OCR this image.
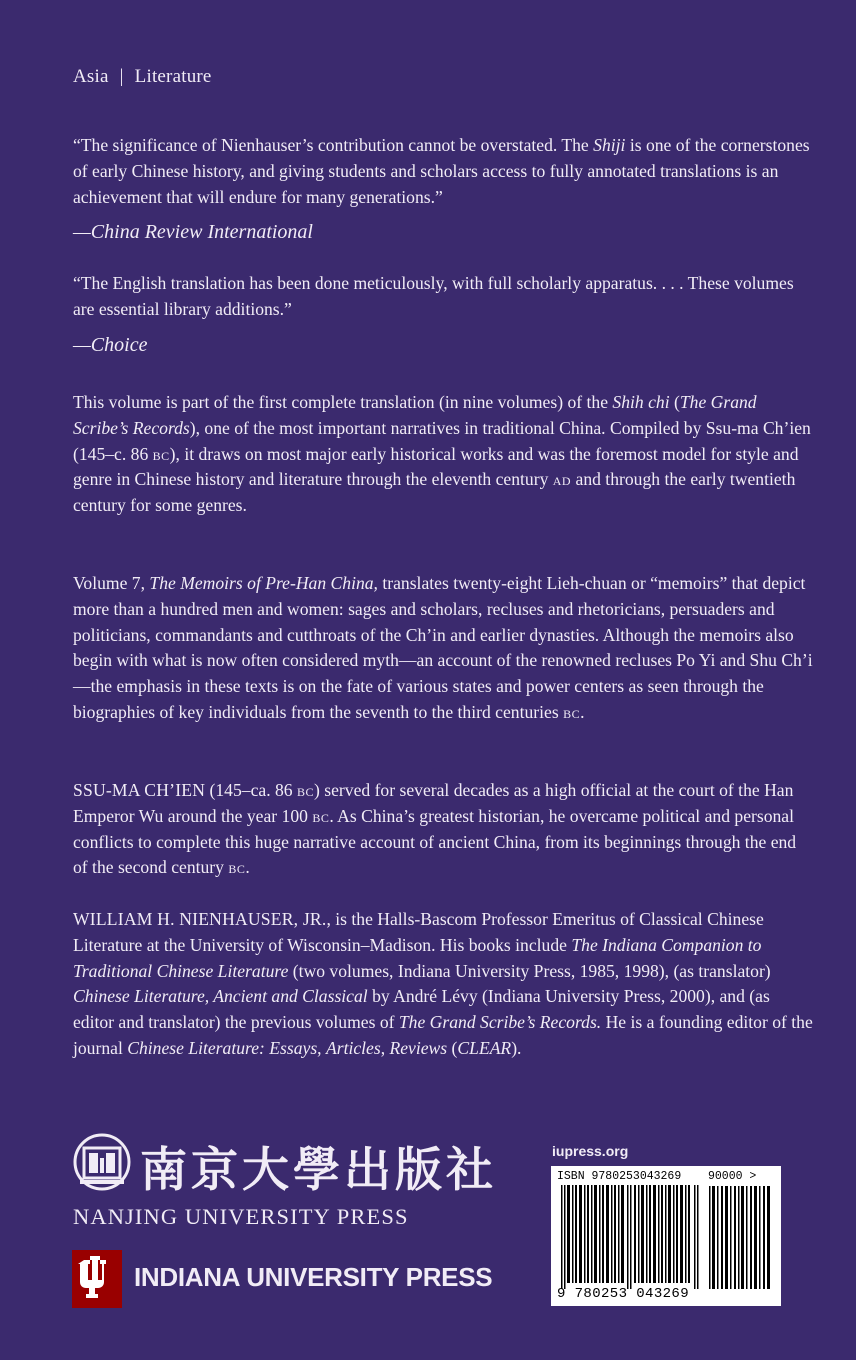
Asia | Literature

“The significance of Nienhauser’s contribution cannot be overstated. The Shiji is one of the cornerstones of early Chinese history, and giving students and scholars access to fully annotated translations is an achievement that will endure for many generations.”

—China Review International

“The English translation has been done meticulously, with full scholarly apparatus. . . . These volumes are essential library additions.”

—Choice

This volume is part of the first complete translation (in nine volumes) of the Shih chi (The Grand Scribe’s Records), one of the most important narratives in traditional China. Compiled by Ssu-ma Ch’ien (145–c. 86 bc), it draws on most major early historical works and was the foremost model for style and genre in Chinese history and literature through the eleventh century ad and through the early twentieth century for some genres.

Volume 7, The Memoirs of Pre-Han China, translates twenty-eight Lieh-chuan or “memoirs” that depict more than a hundred men and women: sages and scholars, recluses and rhetoricians, persuaders and politicians, commandants and cutthroats of the Ch’in and earlier dynasties. Although the memoirs also begin with what is now often considered myth—an account of the renowned recluses Po Yi and Shu Ch’i—the emphasis in these texts is on the fate of various states and power centers as seen through the biographies of key individuals from the seventh to the third centuries bc.

SSU-MA CH’IEN (145–ca. 86 bc) served for several decades as a high official at the court of the Han Emperor Wu around the year 100 bc. As China’s greatest historian, he overcame political and personal conflicts to complete this huge narrative account of ancient China, from its beginnings through the end of the second century bc.

WILLIAM H. NIENHAUSER, JR., is the Halls-Bascom Professor Emeritus of Classical Chinese Literature at the University of Wisconsin–Madison. His books include The Indiana Companion to Traditional Chinese Literature (two volumes, Indiana University Press, 1985, 1998), (as translator) Chinese Literature, Ancient and Classical by André Lévy (Indiana University Press, 2000), and (as editor and translator) the previous volumes of The Grand Scribe’s Records. He is a founding editor of the journal Chinese Literature: Essays, Articles, Reviews (CLEAR).

南京大學出版社
NANJING UNIVERSITY PRESS
INDIANA UNIVERSITY PRESS
iupress.org
ISBN 9780253043269 90000 >
9 780253 043269
